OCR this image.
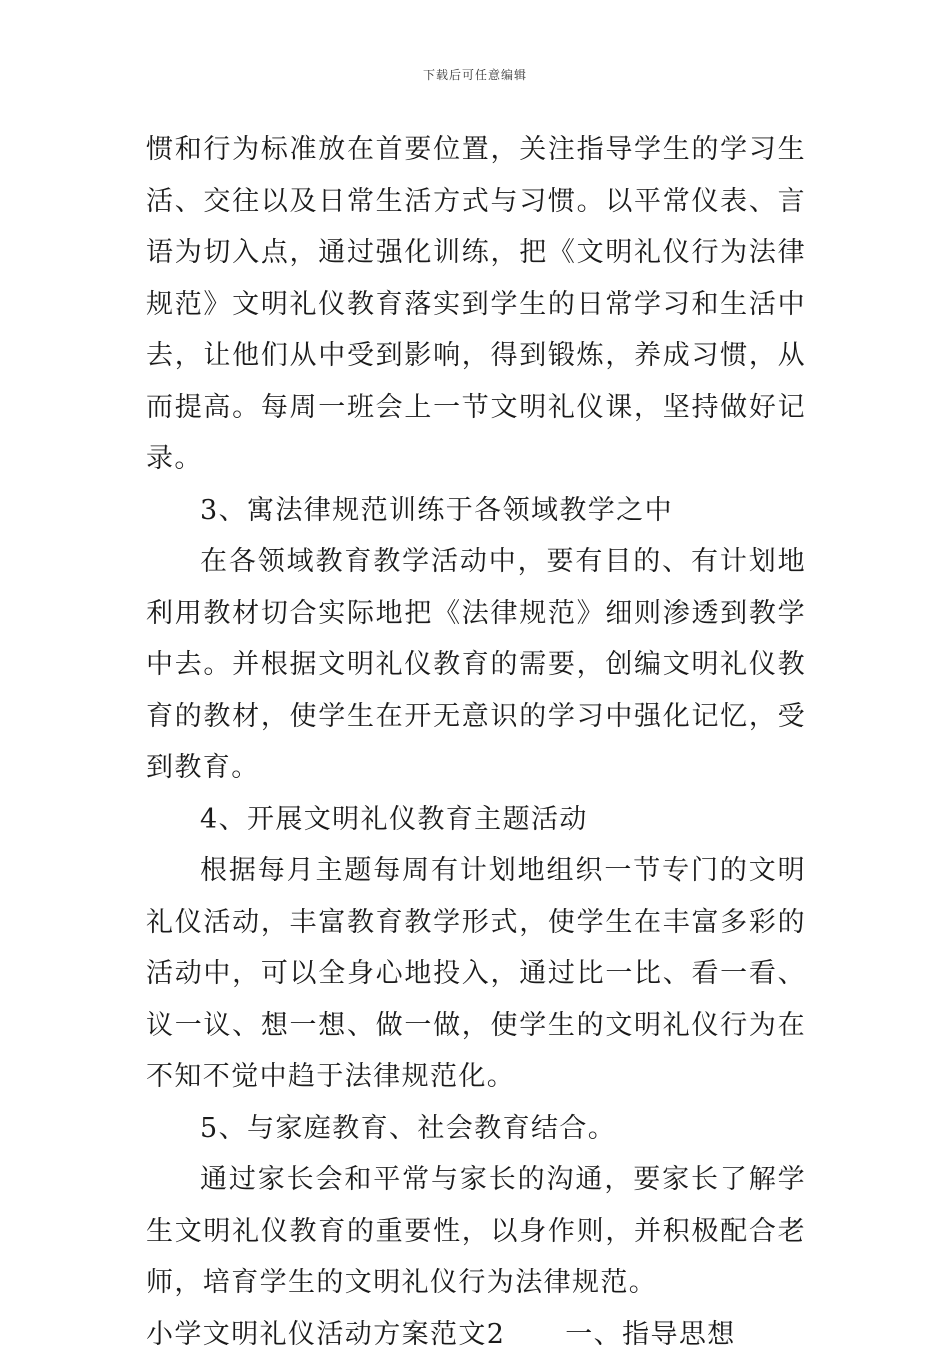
下载后可任意编辑

惯和行为标准放在首要位置，关注指导学生的学习生活、交往以及日常生活方式与习惯。以平常仪表、言语为切入点，通过强化训练，把《文明礼仪行为法律规范》文明礼仪教育落实到学生的日常学习和生活中去，让他们从中受到影响，得到锻炼，养成习惯，从而提高。每周一班会上一节文明礼仪课，坚持做好记录。

3、寓法律规范训练于各领域教学之中

在各领域教育教学活动中，要有目的、有计划地利用教材切合实际地把《法律规范》细则渗透到教学中去。并根据文明礼仪教育的需要，创编文明礼仪教育的教材，使学生在开无意识的学习中强化记忆，受到教育。

4、开展文明礼仪教育主题活动

根据每月主题每周有计划地组织一节专门的文明礼仪活动，丰富教育教学形式，使学生在丰富多彩的活动中，可以全身心地投入，通过比一比、看一看、议一议、想一想、做一做，使学生的文明礼仪行为在不知不觉中趋于法律规范化。

5、与家庭教育、社会教育结合。

通过家长会和平常与家长的沟通，要家长了解学生文明礼仪教育的重要性，以身作则，并积极配合老师，培育学生的文明礼仪行为法律规范。

小学文明礼仪活动方案范文2      一、指导思想
